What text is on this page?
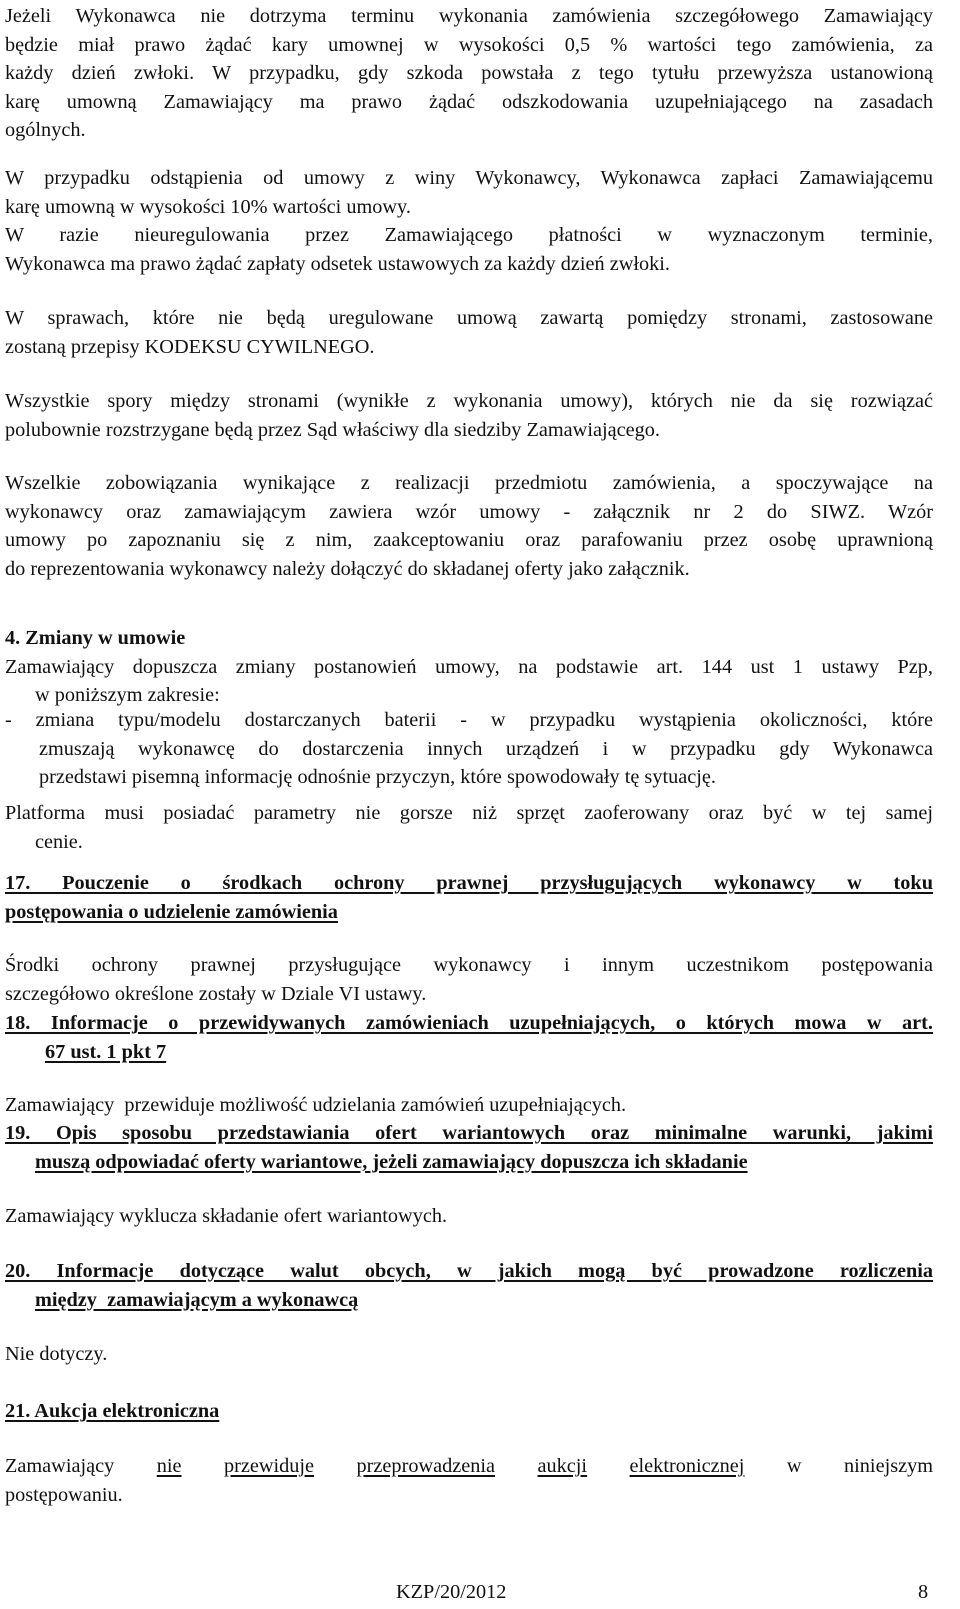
Jeżeli Wykonawca nie dotrzyma terminu wykonania zamówienia szczegółowego Zamawiający
będzie miał prawo żądać kary umownej w wysokości 0,5 % wartości tego zamówienia, za
każdy dzień zwłoki. W przypadku, gdy szkoda powstała z tego tytułu przewyższa ustanowioną
karę umowną Zamawiający ma prawo żądać odszkodowania uzupełniającego na zasadach
ogólnych.
W przypadku odstąpienia od umowy z winy Wykonawcy, Wykonawca zapłaci Zamawiającemu
karę umowną w wysokości 10% wartości umowy.
W razie nieuregulowania przez Zamawiającego płatności w wyznaczonym terminie,
Wykonawca ma prawo żądać zapłaty odsetek ustawowych za każdy dzień zwłoki.
W sprawach, które nie będą uregulowane umową zawartą pomiędzy stronami, zastosowane
zostaną przepisy KODEKSU CYWILNEGO.
Wszystkie spory między stronami (wynikłe z wykonania umowy), których nie da się rozwiązać
polubownie rozstrzygane będą przez Sąd właściwy dla siedziby Zamawiającego.
Wszelkie zobowiązania wynikające z realizacji przedmiotu zamówienia, a spoczywające na
wykonawcy oraz zamawiającym zawiera wzór umowy - załącznik nr 2 do SIWZ. Wzór
umowy po zapoznaniu się z nim, zaakceptowaniu oraz parafowaniu przez osobę uprawnioną
do reprezentowania wykonawcy należy dołączyć do składanej oferty jako załącznik.
4. Zmiany w umowie
Zamawiający dopuszcza zmiany postanowień umowy, na podstawie art. 144 ust 1 ustawy Pzp,
w poniższym zakresie:
- zmiana typu/modelu dostarczanych baterii - w przypadku wystąpienia okoliczności, które
zmuszają wykonawcę do dostarczenia innych urządzeń i w przypadku gdy Wykonawca
przedstawi pisemną informację odnośnie przyczyn, które spowodowały tę sytuację.
Platforma musi posiadać parametry nie gorsze niż sprzęt zaoferowany oraz być w tej samej
cenie.
17. Pouczenie o środkach ochrony prawnej przysługujących wykonawcy w toku
postępowania o udzielenie zamówienia
Środki ochrony prawnej przysługujące wykonawcy i innym uczestnikom postępowania
szczegółowo określone zostały w Dziale VI ustawy.
18. Informacje o przewidywanych zamówieniach uzupełniających, o których mowa w art.
67 ust. 1 pkt 7
Zamawiający  przewiduje możliwość udzielania zamówień uzupełniających.
19. Opis sposobu przedstawiania ofert wariantowych oraz minimalne warunki, jakimi
muszą odpowiadać oferty wariantowe, jeżeli zamawiający dopuszcza ich składanie
Zamawiający wyklucza składanie ofert wariantowych.
20. Informacje dotyczące walut obcych, w jakich mogą być prowadzone rozliczenia
między  zamawiającym a wykonawcą
Nie dotyczy.
21. Aukcja elektroniczna
Zamawiający nie przewiduje przeprowadzenia aukcji elektronicznej w niniejszym
postępowaniu.
KZP/20/2012	8
